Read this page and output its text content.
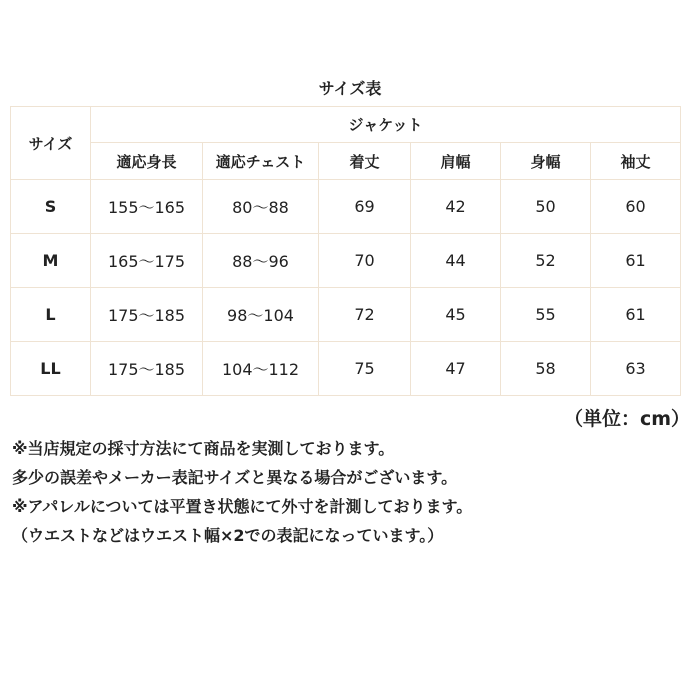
サイズ表
サイズ	ジャケット					
	適応身長	適応チェスト	着丈	肩幅	身幅	袖丈
S	155〜165	80〜88	69	42	50	60
M	165〜175	88〜96	70	44	52	61
L	175〜185	98〜104	72	45	55	61
LL	175〜185	104〜112	75	47	58	63
（単位：cm）
※当店規定の採寸方法にて商品を実測しております。
多少の誤差やメーカー表記サイズと異なる場合がございます。
※アパレルについては平置き状態にて外寸を計測しております。
（ウエストなどはウエスト幅×2での表記になっています。）
